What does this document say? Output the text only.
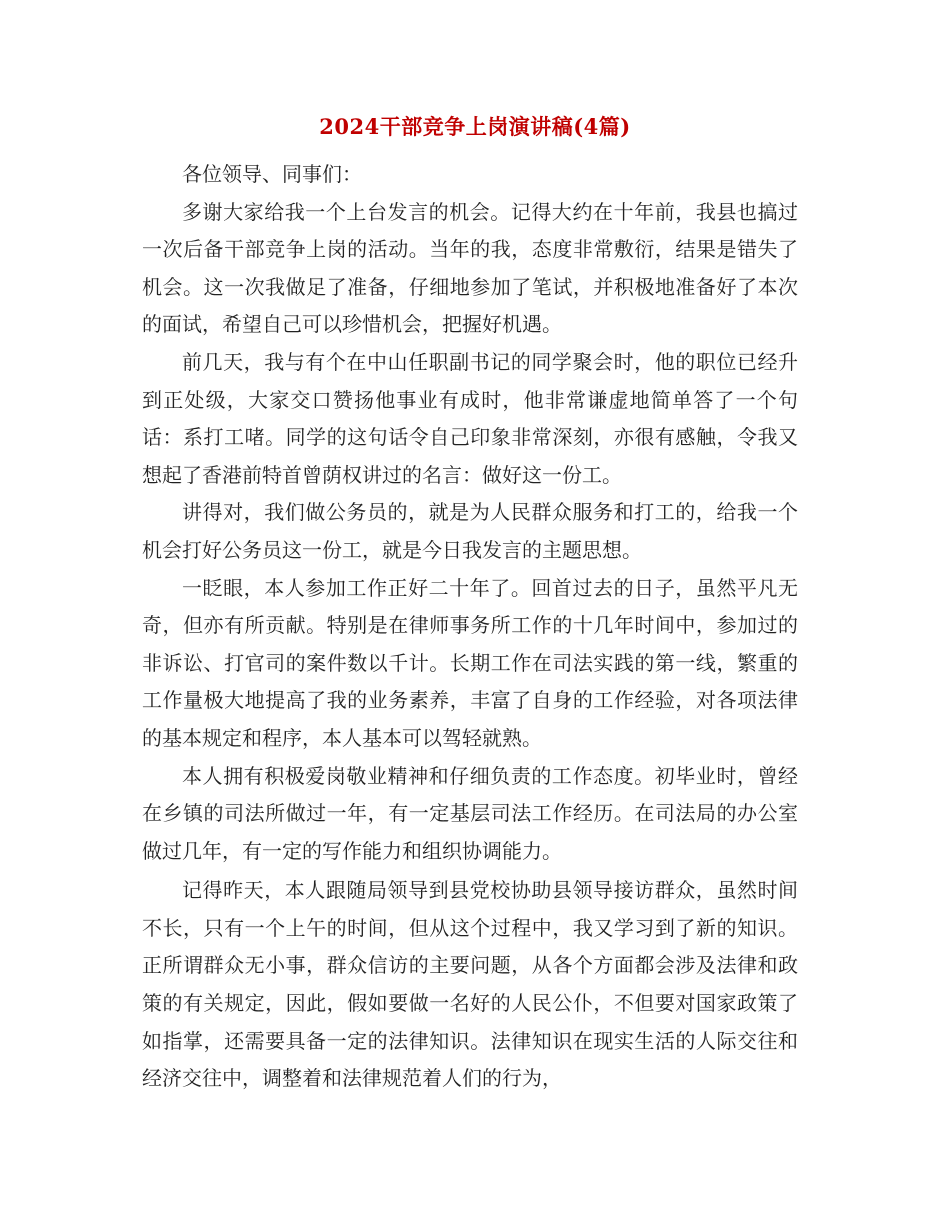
2024干部竞争上岗演讲稿(4篇)

各位领导、同事们：

多谢大家给我一个上台发言的机会。记得大约在十年前，我县也搞过一次后备干部竞争上岗的活动。当年的我，态度非常敷衍，结果是错失了机会。这一次我做足了准备，仔细地参加了笔试，并积极地准备好了本次的面试，希望自己可以珍惜机会，把握好机遇。

前几天，我与有个在中山任职副书记的同学聚会时，他的职位已经升到正处级，大家交口赞扬他事业有成时，他非常谦虚地简单答了一个句话：系打工啫。同学的这句话令自己印象非常深刻，亦很有感触，令我又想起了香港前特首曾荫权讲过的名言：做好这一份工。

讲得对，我们做公务员的，就是为人民群众服务和打工的，给我一个机会打好公务员这一份工，就是今日我发言的主题思想。

一眨眼，本人参加工作正好二十年了。回首过去的日子，虽然平凡无奇，但亦有所贡献。特别是在律师事务所工作的十几年时间中，参加过的非诉讼、打官司的案件数以千计。长期工作在司法实践的第一线，繁重的工作量极大地提高了我的业务素养，丰富了自身的工作经验，对各项法律的基本规定和程序，本人基本可以驾轻就熟。

本人拥有积极爱岗敬业精神和仔细负责的工作态度。初毕业时，曾经在乡镇的司法所做过一年，有一定基层司法工作经历。在司法局的办公室做过几年，有一定的写作能力和组织协调能力。

记得昨天，本人跟随局领导到县党校协助县领导接访群众，虽然时间不长，只有一个上午的时间，但从这个过程中，我又学习到了新的知识。正所谓群众无小事，群众信访的主要问题，从各个方面都会涉及法律和政策的有关规定，因此，假如要做一名好的人民公仆，不但要对国家政策了如指掌，还需要具备一定的法律知识。法律知识在现实生活的人际交往和经济交往中，调整着和法律规范着人们的行为，
